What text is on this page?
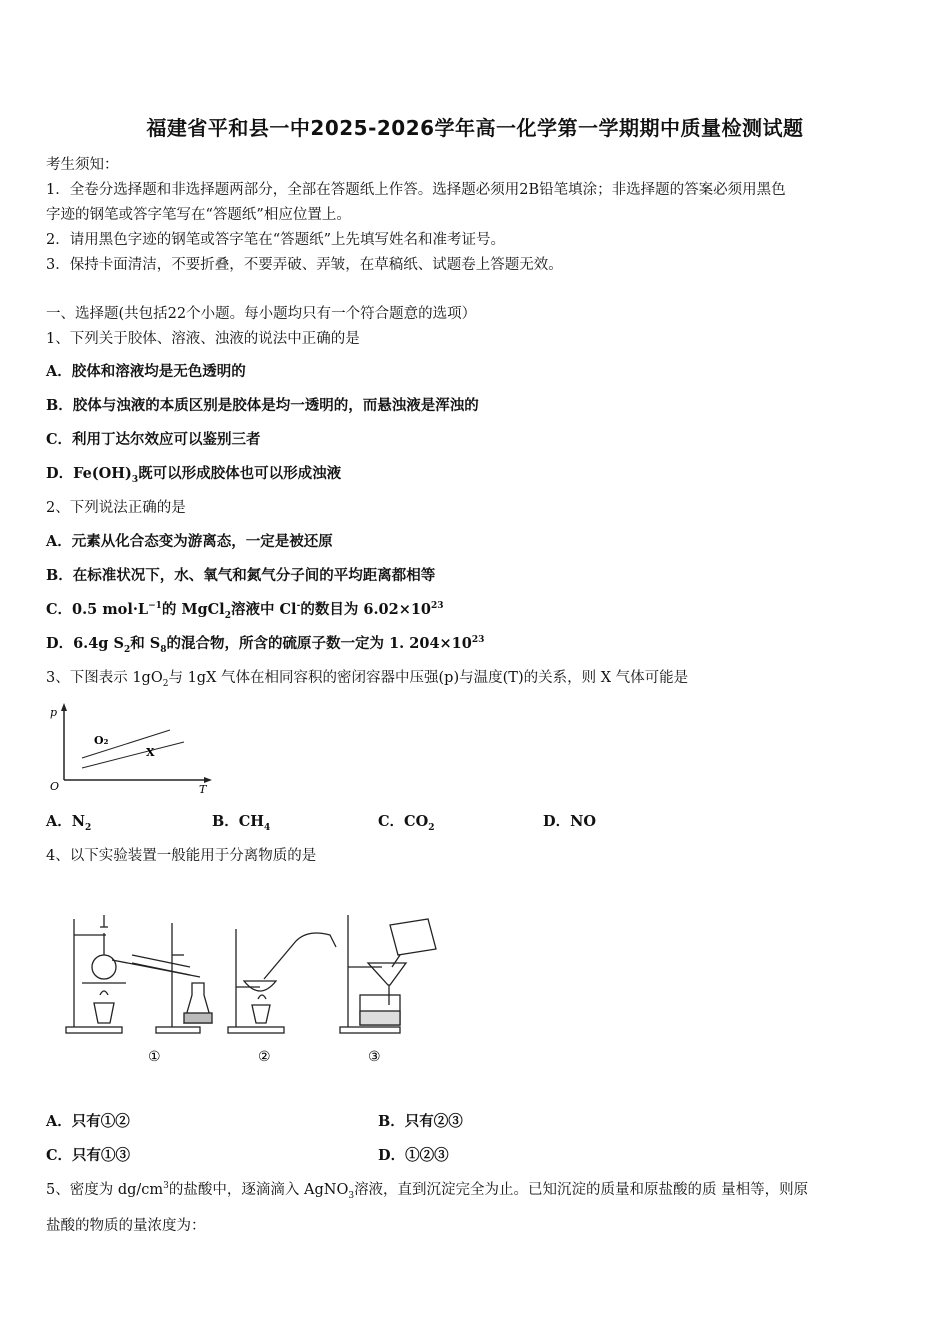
福建省平和县一中2025-2026学年高一化学第一学期期中质量检测试题
考生须知：
1．全卷分选择题和非选择题两部分，全部在答题纸上作答。选择题必须用2B铅笔填涂；非选择题的答案必须用黑色
字迹的钢笔或答字笔写在“答题纸”相应位置上。
2．请用黑色字迹的钢笔或答字笔在“答题纸”上先填写姓名和准考证号。
3．保持卡面清洁，不要折叠，不要弄破、弄皱，在草稿纸、试题卷上答题无效。
一、选择题(共包括22个小题。每小题均只有一个符合题意的选项）
1、下列关于胶体、溶液、浊液的说法中正确的是
A．胶体和溶液均是无色透明的
B．胶体与浊液的本质区别是胶体是均一透明的，而悬浊液是浑浊的
C．利用丁达尔效应可以鉴别三者
D．$Fe(OH)_3$既可以形成胶体也可以形成浊液
2、下列说法正确的是
A．元素从化合态变为游离态，一定是被还原
B．在标准状况下，水、氧气和氮气分子间的平均距离都相等
C．0.5 $mol\cdot L^{-1}$的 MgCl$_2$溶液中 Cl-的数目为 $6.02\times 10^{23}$
D．6.4g $S_2$和 $S_8$的混合物，所含的硫原子数一定为 1. $204\times 10^{23}$
3、下图表示 $1gO_2$与 1gX 气体在相同容积的密闭容器中压强(p)与温度(T)的关系，则 X 气体可能是
p
T
O
O₂
X
A．$N_2$	B．$CH_4$	C．$CO_2$	D．NO
4、以下实验装置一般能用于分离物质的是
①	②	③
A．只有①②	B．只有②③
C．只有①③	D．①②③
5、密度为 $dg/cm^3$的盐酸中，逐滴滴入 AgNO$_3$溶液，直到沉淀完全为止。已知沉淀的质量和原盐酸的质 量相等，则原
盐酸的物质的量浓度为：
